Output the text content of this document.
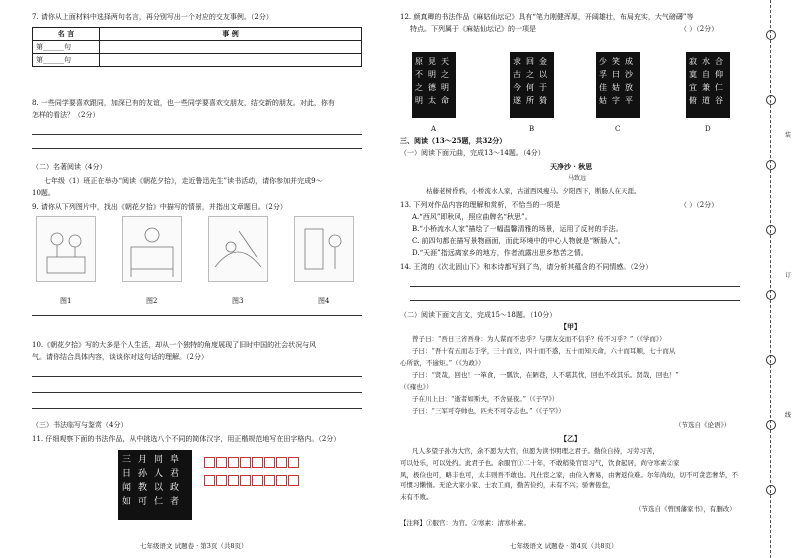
7. 请你从上面材料中选择两句名言，再分别写出一个对应的交友事例。（2分）
名 言	事 例
第______句	
第______句	
8. 一些同学要喜欢跟同，加深已有的友谊，也一些同学要喜欢交朋友，结交新的朋友。对此，你有
怎样的看法？（2分）
（二）名著阅读（4分）
七年级（1）班正在举办“阅读《朝花夕拾》，走近鲁迅先生”读书活动，请你参加并完成9～
10题。
9. 请你从下列图片中，找出《朝花夕拾》中描写的情景，并指出文章题目。（2分）
图1	图2	图3	图4
10.《朝花夕拾》写的大多是个人生活，却从一个独特的角度展现了旧时中国的社会状况与风
气。请你结合具体内容，谈谈你对这句话的理解。（2分）
（三）书法临写与鉴赏（4分）
11. 仔细观察下面的书法作品，从中挑选八个不同的简体汉字，用正楷规范地写在田字格内。（2分）
三
日
闻
如
月
孙
教
可
同
人
以
仁
阜
君
政
者
七年级语文 试题卷 · 第3页（共8页）
12. 颜真卿的书法作品《麻姑仙坛记》具有“笔力刚健浑厚，开阔雄壮，布局充实，大气磅礴”等
特点。下列属于《麻姑仙坛记》的一项是	（ ）（2分）
原
不
之
明
見
明
德
太
天
之
明
命
求
古
今
遂
回
之
何
所
金
以
于
猗
少
孚
佳
姑
笑
曰
姑
字
成
沙
放
平
寂
寞
宜
俯
水
自
兼
道
合
仰
仁
谷
A	B	C	D
三、阅读（13～25题，共32分）
（一）阅读下面元曲，完成13～14题。（4分）
天净沙 · 秋思
马致远
枯藤老树昏鸦，小桥流水人家，古道西风瘦马。夕阳西下，断肠人在天涯。
13. 下列对作品内容的理解和赏析，不恰当的一项是	（ ）（2分）
A.“西风”即秋风，照应曲牌名“秋思”。
B.“小桥流水人家”描绘了一幅温馨清雅的场景，运用了反衬的手法。
C. 前四句都在描写景物画面，而此环境中的中心人物就是“断肠人”。
D.“天涯”指远离家乡的地方，作者流露出思乡愁苦之情。
14. 王湾的《次北固山下》和本诗都写到了鸟，请分析其蕴含的不同情感。（2分）
（二）阅读下面文言文，完成15～18题。（10分）
【甲】
曾子曰：“吾日三省吾身：为人谋而不忠乎？与朋友交而不信乎？传不习乎？”（《学而》）
子曰：“吾十有五而志于学，三十而立，四十而不惑，五十而知天命，六十而耳顺，七十而从
心所欲，不逾矩。”（《为政》）
子曰：“贤哉，回也！一箪食，一瓢饮，在陋巷，人不堪其忧，回也不改其乐。贤哉，回也！”
（《雍也》）
子在川上曰：“逝者如斯夫，不舍昼夜。”（《子罕》）
子曰：“三军可夺帅也，匹夫不可夺志也。”（《子罕》）
（节选自《论语》）
【乙】
凡人多望子孙为大官，余不愿为大官，但愿为读书明理之君子。勤俭自持，习劳习苦，
可以处乐，可以处约。此君子也。余服官①二十年，不敢稍染官宦习气，饮食起居，尚守寒素②家
风，极俭也可，略丰也可，太丰则吾不敢也。凡仕宦之家，由俭入奢易，由奢返俭难。尔年尚幼，切不可贪恋奢华，不可惯习懒惰。无论大家小家、士农工商，勤苦俭约，未有不兴；骄奢倦怠，
未有不败。
（节选自《曾国藩家书》，有删改）
【注释】①服官：为官。②寒素：清寒朴素。
七年级语文 试题卷 · 第4页（共8页）
装
订
线
